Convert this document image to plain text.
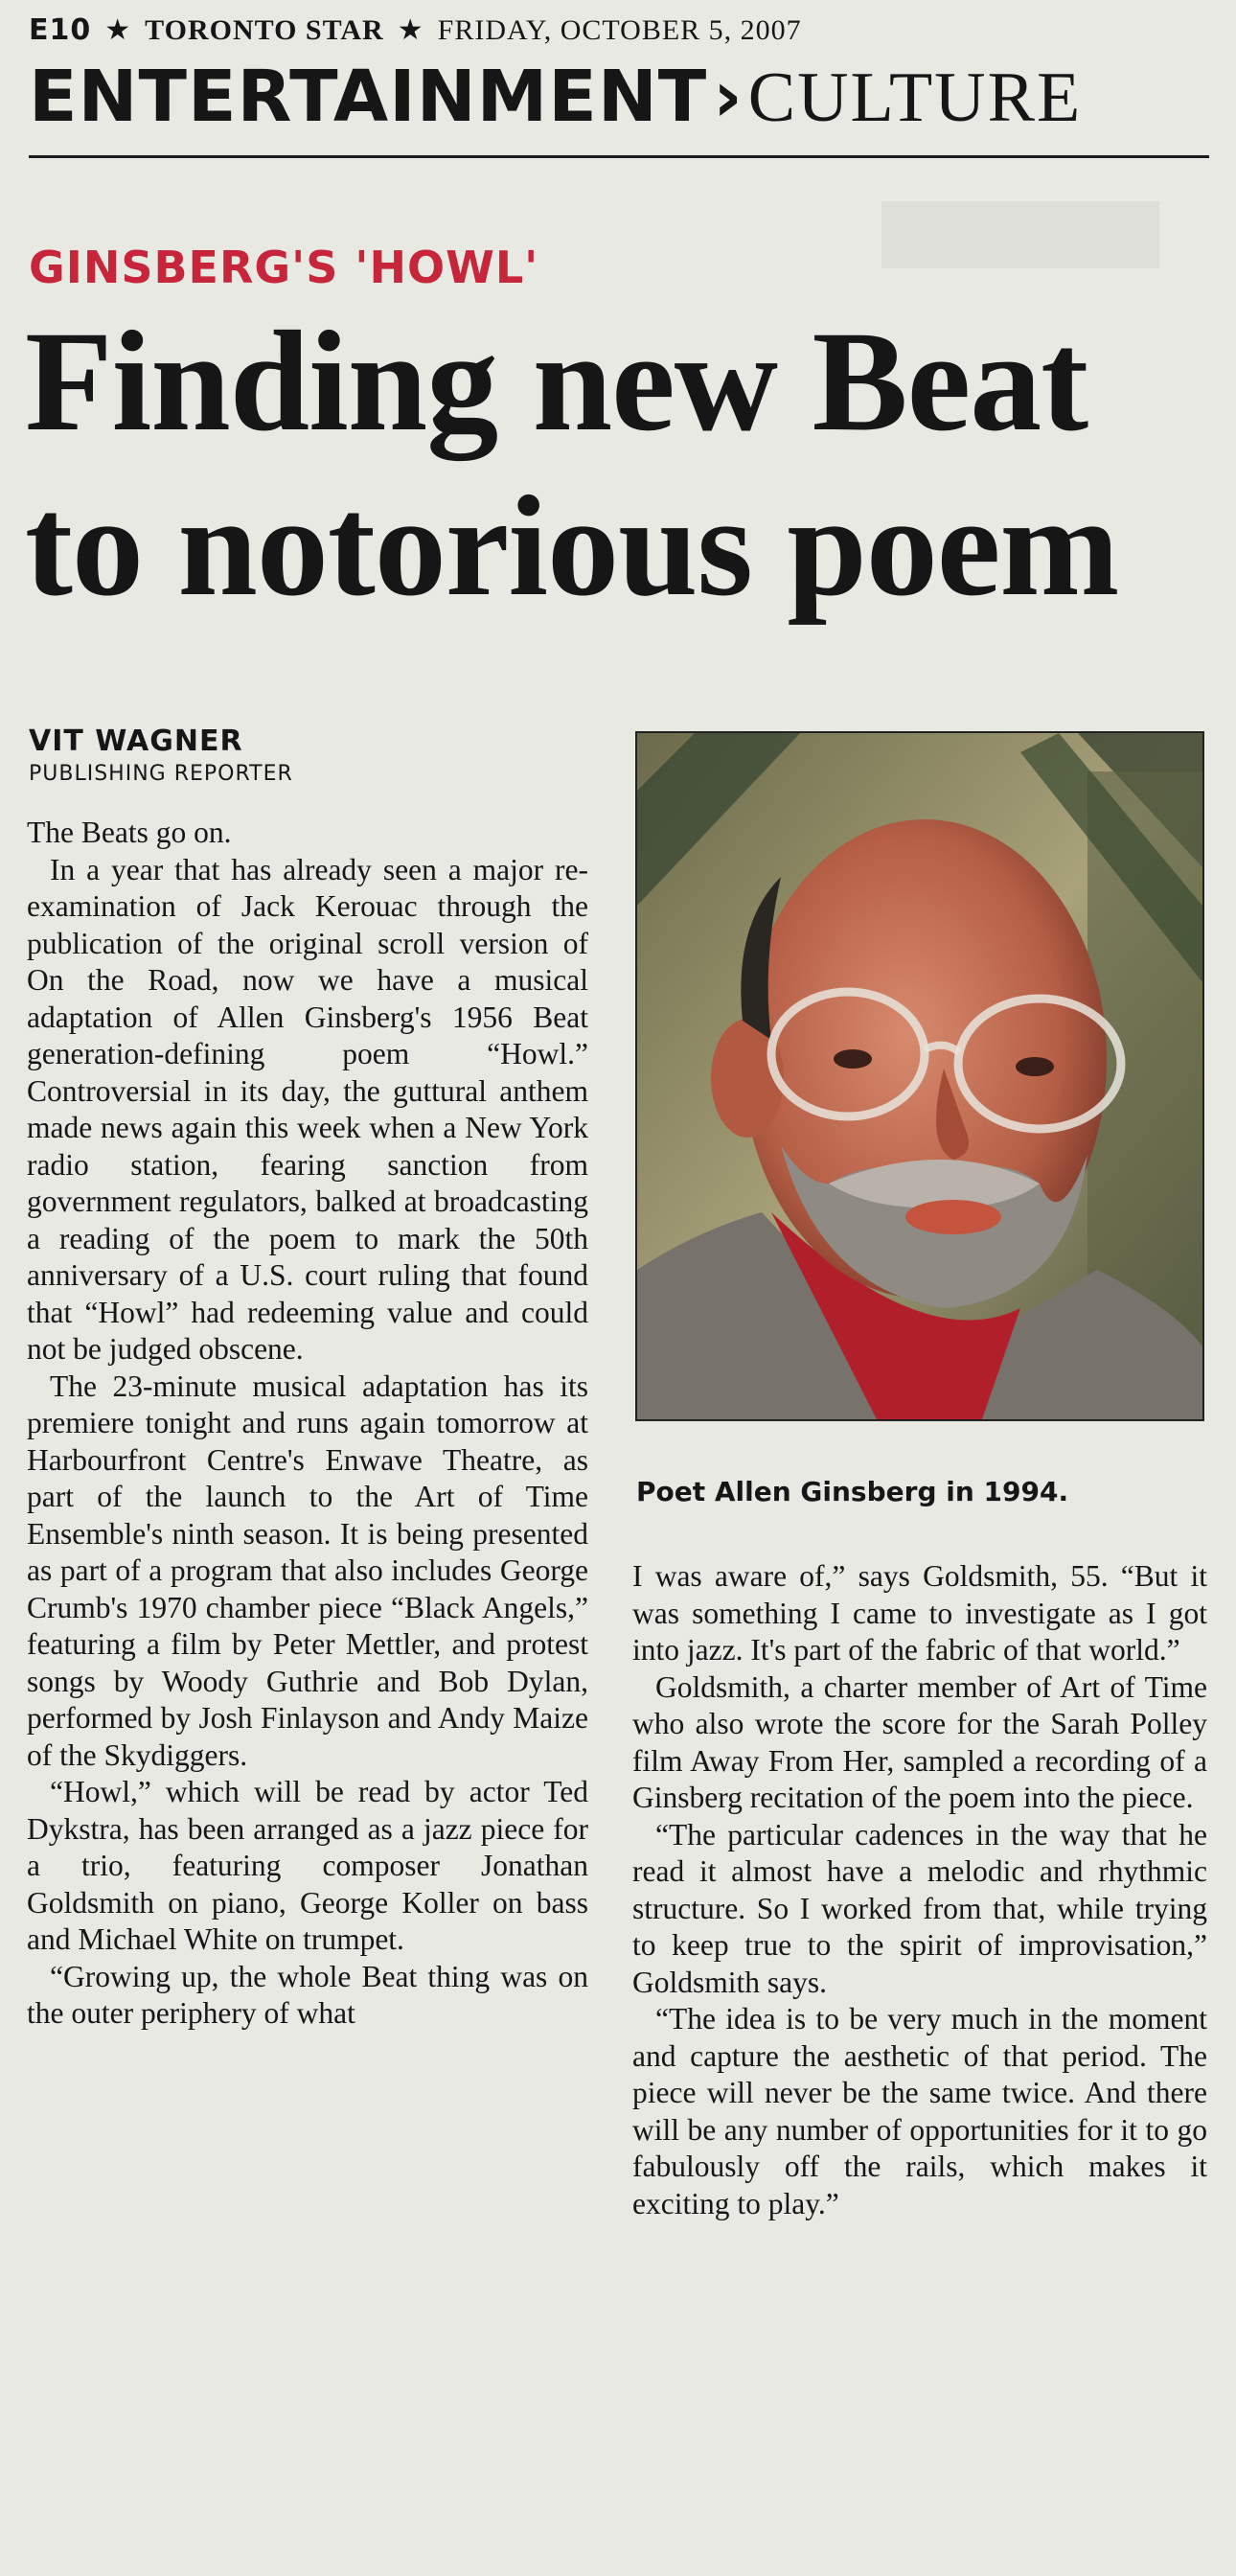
E10 ★ TORONTO STAR ★ FRIDAY, OCTOBER 5, 2007
ENTERTAINMENT›CULTURE
GINSBERG'S 'HOWL'
Finding new Beat
to notorious poem
VIT WAGNER
PUBLISHING REPORTER
Poet Allen Ginsberg in 1994.

The Beats go on.

In a year that has already seen a major re-examination of Jack Kerouac through the publication of the original scroll version of On the Road, now we have a musical adaptation of Allen Ginsberg's 1956 Beat generation-defining poem “Howl.” Controversial in its day, the guttural anthem made news again this week when a New York radio station, fearing sanction from government regulators, balked at broadcasting a reading of the poem to mark the 50th anniversary of a U.S. court ruling that found that “Howl” had redeeming value and could not be judged obscene.

The 23-minute musical adaptation has its premiere tonight and runs again tomorrow at Harbourfront Centre's Enwave Theatre, as part of the launch to the Art of Time Ensemble's ninth season. It is being presented as part of a program that also includes George Crumb's 1970 chamber piece “Black Angels,” featuring a film by Peter Mettler, and protest songs by Woody Guthrie and Bob Dylan, performed by Josh Finlayson and Andy Maize of the Skydiggers.

“Howl,” which will be read by actor Ted Dykstra, has been arranged as a jazz piece for a trio, featuring composer Jonathan Goldsmith on piano, George Koller on bass and Michael White on trumpet.

“Growing up, the whole Beat thing was on the outer periphery of what

I was aware of,” says Goldsmith, 55. “But it was something I came to investigate as I got into jazz. It's part of the fabric of that world.”

Goldsmith, a charter member of Art of Time who also wrote the score for the Sarah Polley film Away From Her, sampled a recording of a Ginsberg recitation of the poem into the piece.

“The particular cadences in the way that he read it almost have a melodic and rhythmic structure. So I worked from that, while trying to keep true to the spirit of improvisation,” Goldsmith says.

“The idea is to be very much in the moment and capture the aesthetic of that period. The piece will never be the same twice. And there will be any number of opportunities for it to go fabulously off the rails, which makes it exciting to play.”
